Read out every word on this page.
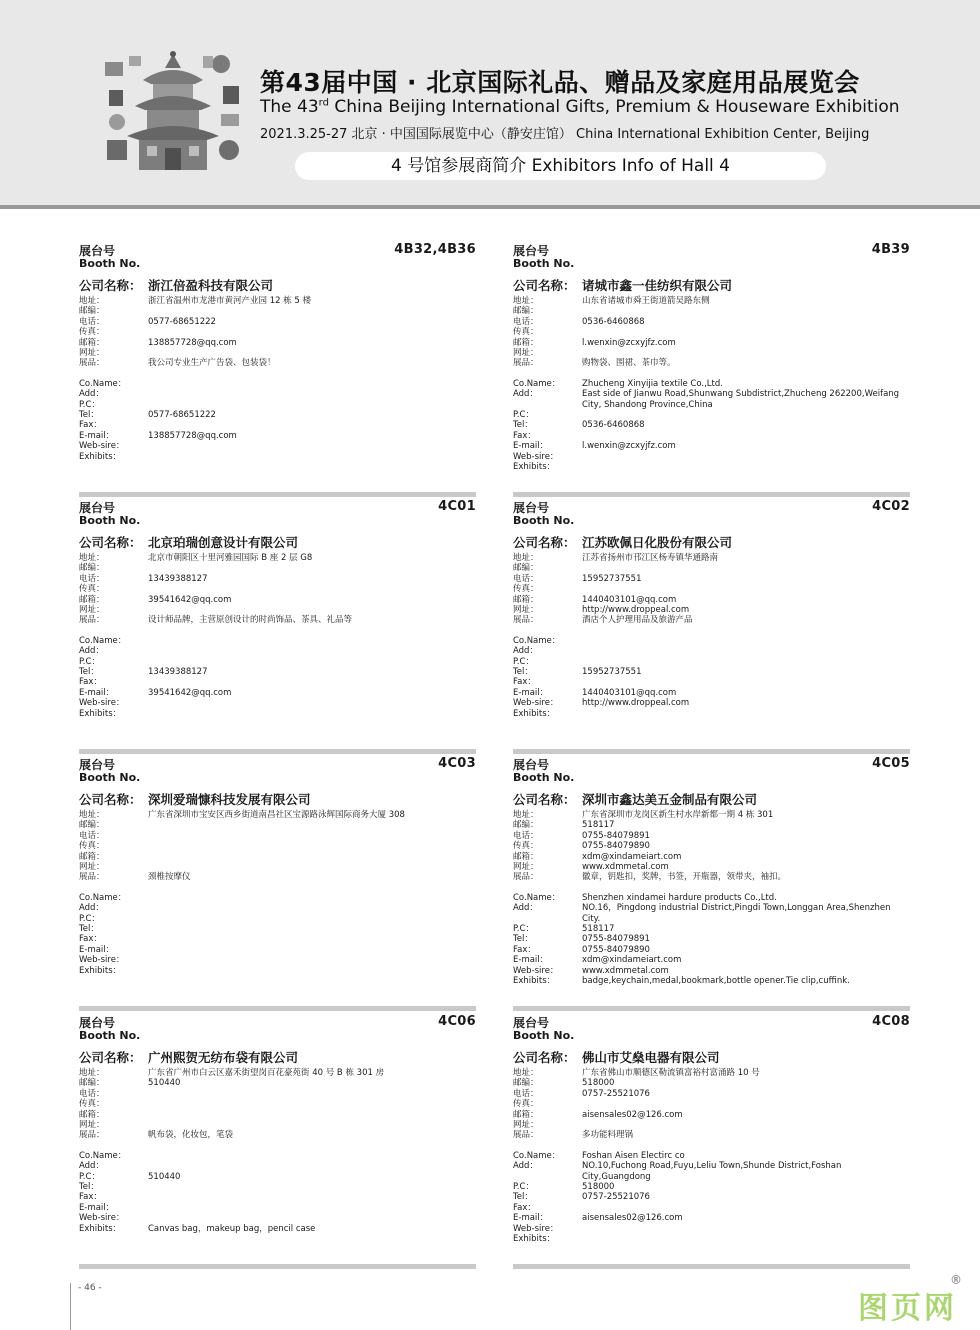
第43届中国 · 北京国际礼品、赠品及家庭用品展览会
The 43rd China Beijing International Gifts, Premium & Houseware Exhibition
2021.3.25-27 北京 · 中国国际展览中心（静安庄馆） China International Exhibition Center, Beijing
4 号馆参展商简介 Exhibitors Info of Hall 4
展台号
Booth No.
4B32,4B36
公司名称： 浙江倍盈科技有限公司
地址：	浙江省温州市龙港市黄河产业园 12 栋 5 楼
邮编：
电话：	0577-68651222
传真：
邮箱：	138857728@qq.com
网址：
展品：	我公司专业生产广告袋、包装袋！
Co.Name：
Add：
P.C：
Tel：	0577-68651222
Fax：
E-mail：	138857728@qq.com
Web-sire：
Exhibits：
展台号
Booth No.
4B39
公司名称： 诸城市鑫一佳纺织有限公司
地址：	山东省诸城市舜王街道箭吴路东侧
邮编：
电话：	0536-6460868
传真：
邮箱：	l.wenxin@zcxyjfz.com
网址：
展品：	购物袋、围裙、茶巾等。
Co.Name：	Zhucheng Xinyijia textile Co.,Ltd.
Add：	East side of Jianwu Road,Shunwang Subdistrict,Zhucheng 262200,Weifang City, Shandong Province,China
P.C：
Tel：	0536-6460868
Fax：
E-mail：	l.wenxin@zcxyjfz.com
Web-sire：
Exhibits：
展台号
Booth No.
4C01
公司名称： 北京珀瑞创意设计有限公司
地址：	北京市朝阳区十里河雅园国际 B 座 2 层 G8
邮编：
电话：	13439388127
传真：
邮箱：	39541642@qq.com
网址：
展品：	设计师品牌，主营原创设计的时尚饰品、茶具、礼品等
Co.Name：
Add：
P.C：
Tel：	13439388127
Fax：
E-mail：	39541642@qq.com
Web-sire：
Exhibits：
展台号
Booth No.
4C02
公司名称： 江苏欧佩日化股份有限公司
地址：	江苏省扬州市邗江区杨寿镇华通路南
邮编：
电话：	15952737551
传真：
邮箱：	1440403101@qq.com
网址：	http://www.droppeal.com
展品：	酒店个人护理用品及旅游产品
Co.Name：
Add：
P.C：
Tel：	15952737551
Fax：
E-mail：	1440403101@qq.com
Web-sire：	http://www.droppeal.com
Exhibits：
展台号
Booth No.
4C03
公司名称： 深圳爱瑞慷科技发展有限公司
地址：	广东省深圳市宝安区西乡街道南昌社区宝源路泳辉国际商务大厦 308
邮编：
电话：
传真：
邮箱：
网址：
展品：	颈椎按摩仪
Co.Name：
Add：
P.C：
Tel：
Fax：
E-mail：
Web-sire：
Exhibits：
展台号
Booth No.
4C05
公司名称： 深圳市鑫达美五金制品有限公司
地址：	广东省深圳市龙岗区新生村水岸新都一期 4 栋 301
邮编：	518117
电话：	0755-84079891
传真：	0755-84079890
邮箱：	xdm@xindameiart.com
网址：	www.xdmmetal.com
展品：	徽章，钥匙扣，奖牌，书签，开瓶器，领带夹，袖扣。
Co.Name：	Shenzhen xindamei hardure products Co.,Ltd.
Add：	NO.16，Pingdong industrial District,Pingdi Town,Longgan Area,Shenzhen City.
P.C：	518117
Tel：	0755-84079891
Fax：	0755-84079890
E-mail：	xdm@xindameiart.com
Web-sire：	www.xdmmetal.com
Exhibits：	badge,keychain,medal,bookmark,bottle opener.Tie clip,cuffink.
展台号
Booth No.
4C06
公司名称： 广州熙贺无纺布袋有限公司
地址：	广东省广州市白云区嘉禾街望岗百花豪苑街 40 号 B 栋 301 房
邮编：	510440
电话：
传真：
邮箱：
网址：
展品：	帆布袋，化妆包，笔袋
Co.Name：
Add：
P.C：	510440
Tel：
Fax：
E-mail：
Web-sire：
Exhibits：	Canvas bag，makeup bag，pencil case
展台号
Booth No.
4C08
公司名称： 佛山市艾燊电器有限公司
地址：	广东省佛山市顺德区勒流镇富裕村富涌路 10 号
邮编：	518000
电话：	0757-25521076
传真：
邮箱：	aisensales02@126.com
网址：
展品：	多功能料理锅
Co.Name：	Foshan Aisen Electirc co
Add：	NO.10,Fuchong Road,Fuyu,Leliu Town,Shunde District,Foshan City,Guangdong
P.C：	518000
Tel：	0757-25521076
Fax：
E-mail：	aisensales02@126.com
Web-sire：
Exhibits：
- 46 -
图页网
®
